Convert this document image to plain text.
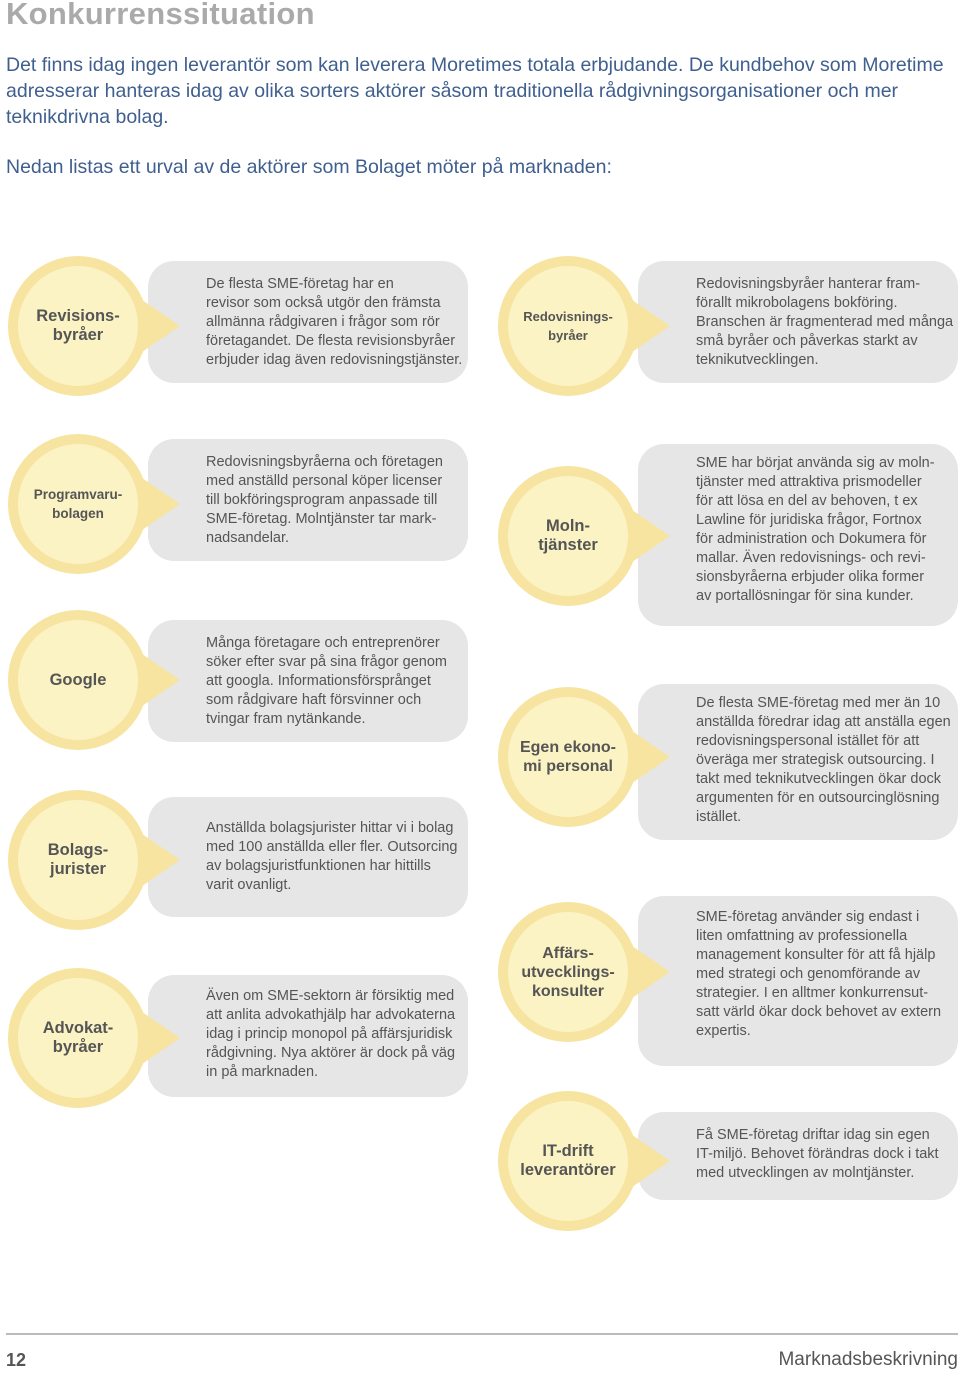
Konkurrenssituation
Det finns idag ingen leverantör som kan leverera Moretimes totala erbjudande. De kundbehov som Moretime adresserar hanteras idag av olika sorters aktörer såsom traditionella rådgivningsorganisationer och mer teknikdrivna bolag.
Nedan listas ett urval av de aktörer som Bolaget möter på marknaden:
De flesta SME-företag har en
revisor som också utgör den främsta
allmänna rådgivaren i frågor som rör
företagandet. De flesta revisionsbyråer
erbjuder idag även redovisningstjänster.
Revisions-
byråer
Redovisningsbyråer hanterar fram-
förallt mikrobolagens bokföring.
Branschen är fragmenterad med många
små byråer och påverkas starkt av
teknikutvecklingen.
Redovisnings-
byråer
Redovisningsbyråerna och företagen
med anställd personal köper licenser
till bokföringsprogram anpassade till
SME-företag. Molntjänster tar mark-
nadsandelar.
Programvaru-
bolagen
SME har börjat använda sig av moln-
tjänster med attraktiva prismodeller
för att lösa en del av behoven, t ex
Lawline för juridiska frågor, Fortnox
för administration och Dokumera för
mallar. Även redovisnings- och revi-
sionsbyråerna erbjuder olika former
av portallösningar för sina kunder.
Moln-
tjänster
Många företagare och entreprenörer
söker efter svar på sina frågor genom
att googla. Informationsförsprånget
som rådgivare haft försvinner och
tvingar fram nytänkande.
Google
De flesta SME-företag med mer än 10
anställda föredrar idag att anställa egen
redovisningspersonal istället för att
överäga mer strategisk outsourcing. I
takt med teknikutvecklingen ökar dock
argumenten för en outsourcinglösning
istället.
Egen ekono-
mi personal
Anställda bolagsjurister hittar vi i bolag
med 100 anställda eller fler. Outsorcing
av bolagsjuristfunktionen har hittills
varit ovanligt.
Bolags-
jurister
SME-företag använder sig endast i
liten omfattning av professionella
management konsulter för att få hjälp
med strategi och genomförande av
strategier. I en alltmer konkurrensut-
satt värld ökar dock behovet av extern
expertis.
Affärs-
utvecklings-
konsulter
Även om SME-sektorn är försiktig med
att anlita advokathjälp har advokaterna
idag i princip monopol på affärsjuridisk
rådgivning. Nya aktörer är dock på väg
in på marknaden.
Advokat-
byråer
Få SME-företag driftar idag sin egen
IT-miljö. Behovet förändras dock i takt
med utvecklingen av molntjänster.
IT-drift
leverantörer
12	Marknadsbeskrivning
